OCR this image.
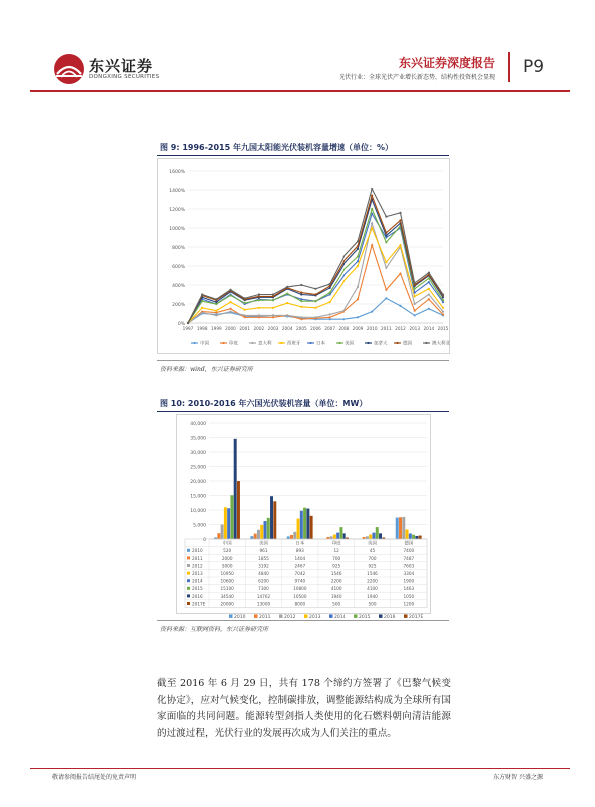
东兴证券
DONGXING SECURITIES
东兴证券深度报告
光伏行业：全球光伏产业增长新态势，结构性投资机会显现
P9
图 9: 1996-2015 年九国太阳能光伏装机容量增速（单位：%）
0%
200%
400%
600%
800%
1000%
1200%
1400%
1600%
1997 1998 1999 2000 2001 2002 2003 2004 2005 2006 2007 2008 2009 2010 2011 2012 2013 2014 2015
中国	印度	意大利	西班牙	日本	美国	加拿大	德国	澳大利亚
资料来源：wind，东兴证券研究所
图 10: 2010-2016 年六国光伏装机容量（单位：MW）
0
5,000
10,000
15,000
20,000
25,000
30,000
35,000
40,000
中国	美国	日本	印度	英国	德国
2010	520	961	893	12	45	7400
2011	2000	1855	1404	700	700	7487
2012	5000	3192	2467	925	925	7603
2013	10950	4840	7042	1546	1546	3304
2014	10600	6200	9740	2200	2200	1900
2015	15100	7300	10800	4100	4100	1463
2016	34540	14762	10500	1940	1940	1050
2017E	20000	13000	8000	500	500	1200
2010	2011	2012	2013	2014	2015	2016	2017E
资料来源：互联网资料，东兴证券研究所
截至 2016 年 6 月 29 日，共有 178 个缔约方签署了《巴黎气候变化协定》，应对气候变化，控制碳排放，调整能源结构成为全球所有国家面临的共同问题。能源转型剑指人类使用的化石燃料朝向清洁能源的过渡过程，光伏行业的发展再次成为人们关注的重点。
敬请参阅报告结尾处的免责声明	东方财智 兴盛之源
